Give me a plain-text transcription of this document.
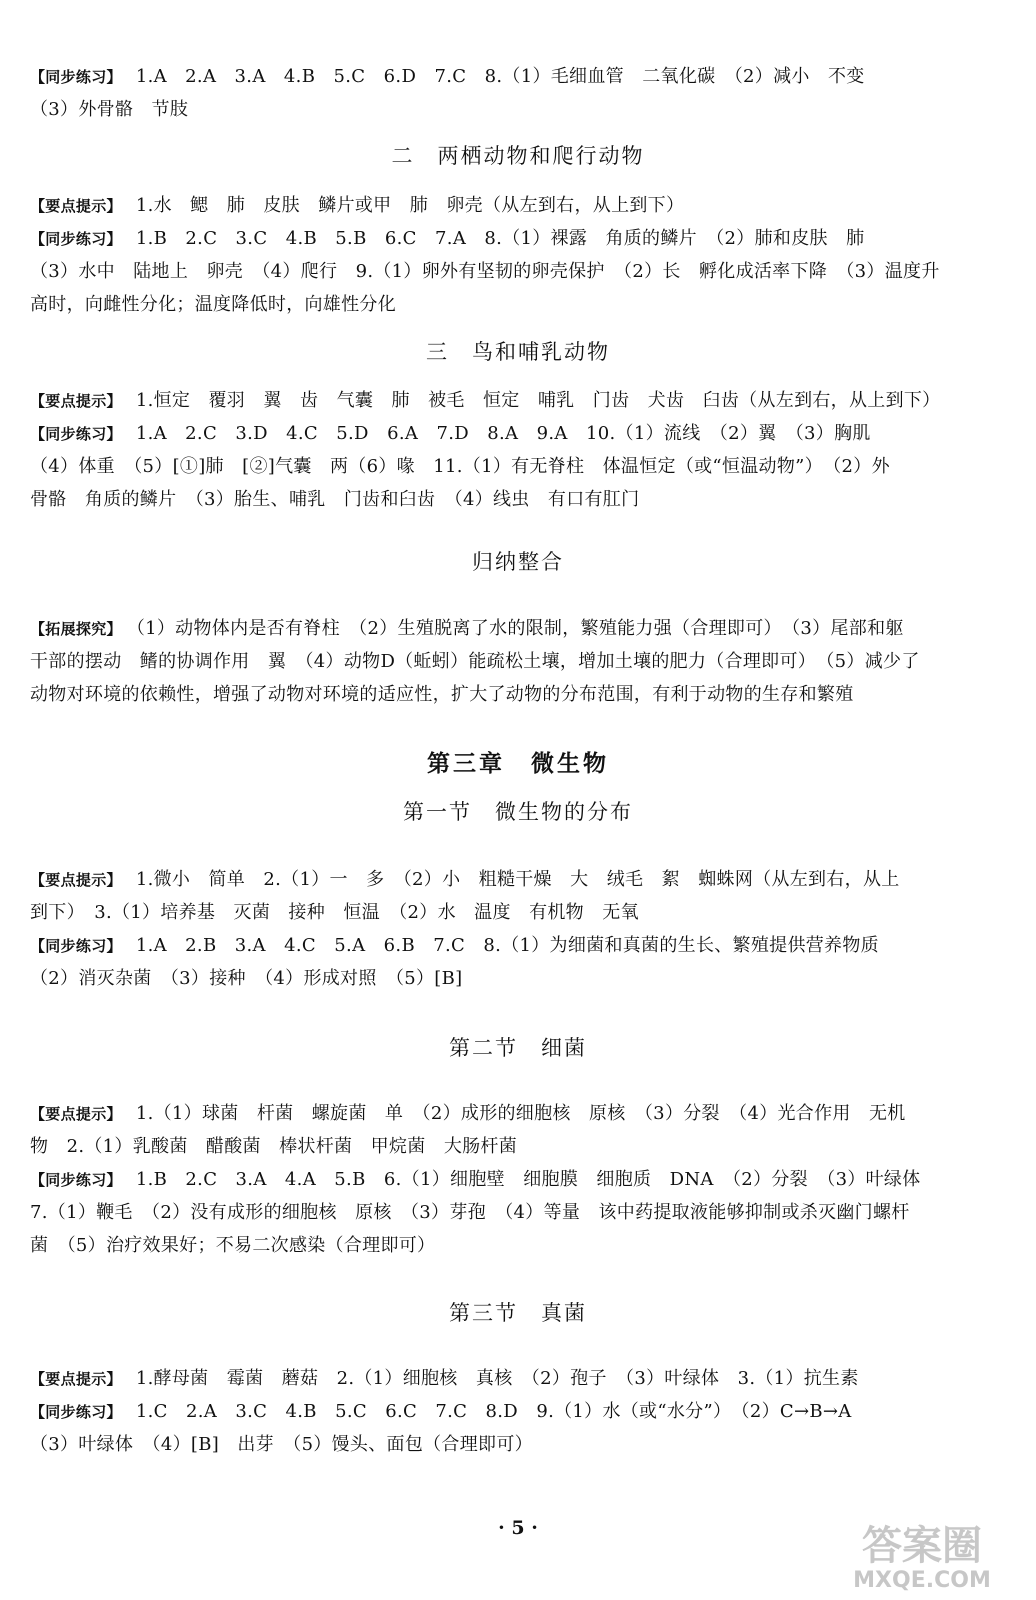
【同步练习】 1.A　2.A　3.A　4.B　5.C　6.D　7.C　8.（1）毛细血管　二氧化碳　（2）减小　不变
（3）外骨骼　节肢
二　两栖动物和爬行动物
【要点提示】 1.水　鳃　肺　皮肤　鳞片或甲　肺　卵壳（从左到右，从上到下）
【同步练习】 1.B　2.C　3.C　4.B　5.B　6.C　7.A　8.（1）裸露　角质的鳞片　（2）肺和皮肤　肺
（3）水中　陆地上　卵壳　（4）爬行　9.（1）卵外有坚韧的卵壳保护　（2）长　孵化成活率下降　（3）温度升
高时，向雌性分化；温度降低时，向雄性分化
三　鸟和哺乳动物
【要点提示】 1.恒定　覆羽　翼　齿　气囊　肺　被毛　恒定　哺乳　门齿　犬齿　臼齿（从左到右，从上到下）
【同步练习】 1.A　2.C　3.D　4.C　5.D　6.A　7.D　8.A　9.A　10.（1）流线　（2）翼　（3）胸肌
（4）体重　（5）[①]肺　[②]气囊　两（6）喙　11.（1）有无脊柱　体温恒定（或“恒温动物”）　（2）外
骨骼　角质的鳞片　（3）胎生、哺乳　门齿和臼齿　（4）线虫　有口有肛门
归纳整合
【拓展探究】 （1）动物体内是否有脊柱　（2）生殖脱离了水的限制，繁殖能力强（合理即可）　（3）尾部和躯
干部的摆动　鳍的协调作用　翼　（4）动物D（蚯蚓）能疏松土壤，增加土壤的肥力（合理即可）　（5）减少了
动物对环境的依赖性，增强了动物对环境的适应性，扩大了动物的分布范围，有利于动物的生存和繁殖
第三章　微生物
第一节　微生物的分布
【要点提示】 1.微小　简单　2.（1）一　多　（2）小　粗糙干燥　大　绒毛　絮　蜘蛛网（从左到右，从上
到下）　3.（1）培养基　灭菌　接种　恒温　（2）水　温度　有机物　无氧
【同步练习】 1.A　2.B　3.A　4.C　5.A　6.B　7.C　8.（1）为细菌和真菌的生长、繁殖提供营养物质
（2）消灭杂菌　（3）接种　（4）形成对照　（5）[B]
第二节　细菌
【要点提示】 1.（1）球菌　杆菌　螺旋菌　单　（2）成形的细胞核　原核　（3）分裂　（4）光合作用　无机
物　2.（1）乳酸菌　醋酸菌　棒状杆菌　甲烷菌　大肠杆菌
【同步练习】 1.B　2.C　3.A　4.A　5.B　6.（1）细胞壁　细胞膜　细胞质　DNA　（2）分裂　（3）叶绿体
7.（1）鞭毛　（2）没有成形的细胞核　原核　（3）芽孢　（4）等量　该中药提取液能够抑制或杀灭幽门螺杆
菌　（5）治疗效果好；不易二次感染（合理即可）
第三节　真菌
【要点提示】 1.酵母菌　霉菌　蘑菇　2.（1）细胞核　真核　（2）孢子　（3）叶绿体　3.（1）抗生素
【同步练习】 1.C　2.A　3.C　4.B　5.C　6.C　7.C　8.D　9.（1）水（或“水分”）　（2）C→B→A
（3）叶绿体　（4）[B]　出芽　（5）馒头、面包（合理即可）
· 5 ·	答案圈
MXQE.COM
